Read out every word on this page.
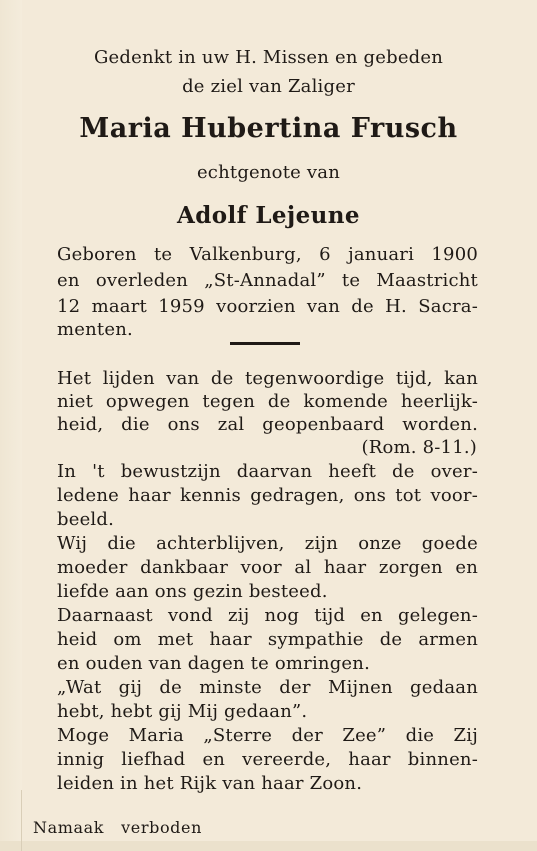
Gedenkt in uw H. Missen en gebeden
de ziel van Zaliger
Maria Hubertina Frusch
echtgenote van
Adolf Lejeune
Geboren te Valkenburg, 6 januari 1900
en overleden „St-Annadal” te Maastricht
12 maart 1959 voorzien van de H. Sacra-
menten.
Het lijden van de tegenwoordige tijd, kan
niet opwegen tegen de komende heerlijk-
heid, die ons zal geopenbaard worden.
(Rom. 8-11.)
In 't bewustzijn daarvan heeft de over-
ledene haar kennis gedragen, ons tot voor-
beeld.
Wij die achterblijven, zijn onze goede
moeder dankbaar voor al haar zorgen en
liefde aan ons gezin besteed.
Daarnaast vond zij nog tijd en gelegen-
heid om met haar sympathie de armen
en ouden van dagen te omringen.
„Wat gij de minste der Mijnen gedaan
hebt, hebt gij Mij gedaan”.
Moge Maria „Sterre der Zee” die Zij
innig liefhad en vereerde, haar binnen-
leiden in het Rijk van haar Zoon.
Namaak   verboden
